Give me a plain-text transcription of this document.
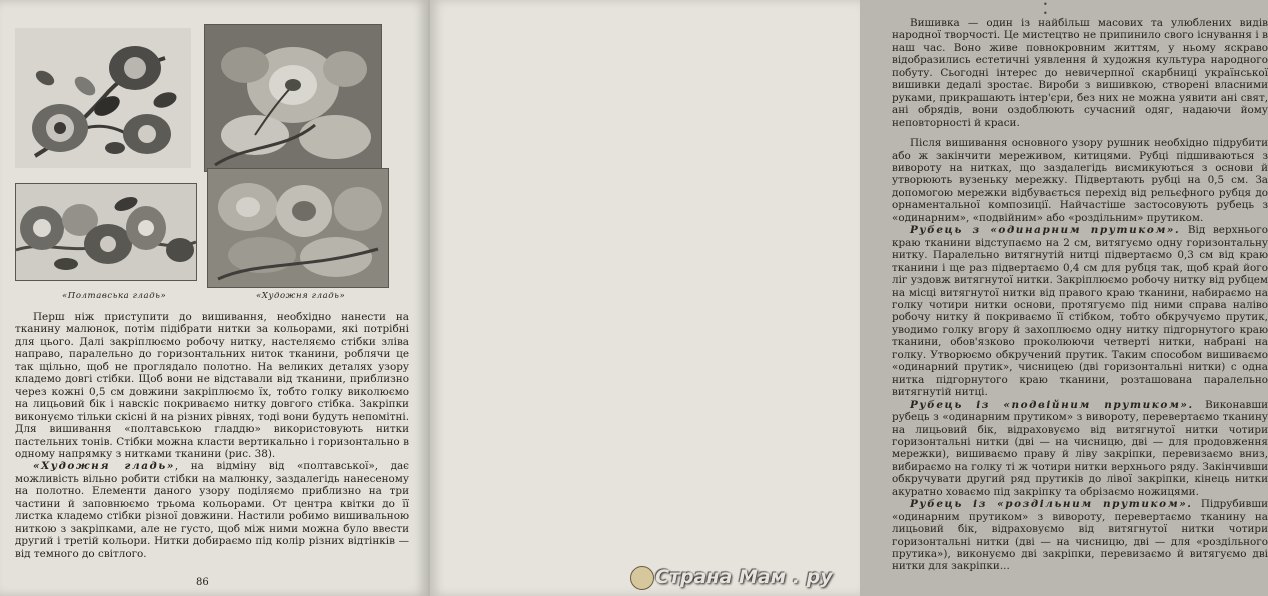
«Полтавська гладь»	«Художня гладь»

Перш ніж приступити до вишивання, необхідно нанести на тканину малюнок, потім підібрати нитки за кольорами, які потрібні для цього. Далі закріплюємо робочу нитку, настеляємо стібки зліва направо, паралельно до горизонтальних ниток тканини, роблячи це так щільно, щоб не проглядало полотно. На великих деталях узору кладемо довгі стібки. Щоб вони не відставали від тканини, приблизно через кожні 0,5 см довжини закріплюємо їх, тобто голку виколюємо на лицьовий бік і навскіс покриваємо нитку довгого стібка. Закріпки виконуємо тільки скісні й на різних рівнях, тоді вони будуть непомітні. Для вишивання «полтавською гладдю» використовують нитки пастельних тонів. Стібки можна класти вертикально і горизонтально в одному напрямку з нитками тканини (рис. 38).

«Художня гладь», на відміну від «полтавської», дає можливість вільно робити стібки на малюнку, заздалегідь нанесеному на полотно. Елементи даного узору поділяємо приблизно на три частини й заповнюємо трьома кольорами. От центра квітки до її листка кладемо стібки різної довжини. Настили робимо вишивальною ниткою з закріпками, але не густо, щоб між ними можна було ввести другий і третій кольори. Нитки добираємо під колір різних відтінків — від темного до світлого.

86
• •

Вишивка — один із найбільш масових та улюблених видів народної творчості. Це мистецтво не припинило свого існування і в наш час. Воно живе повнокровним життям, у ньому яскраво відобразились естетичні уявлення й художня культура народного побуту. Сьогодні інтерес до невичерпної скарбниці української вишивки дедалі зростає. Вироби з вишивкою, створені власними руками, прикрашають інтер'єри, без них не можна уявити ані свят, ані обрядів, вони оздоблюють сучасний одяг, надаючи йому неповторності й краси.

Після вишивання основного узору рушник необхідно підрубити або ж закінчити мереживом, китицями. Рубці підшиваються з вивороту на нитках, що заздалегідь висмикуються з основи й утворюють вузеньку мережку. Підвертають рубці на 0,5 см. За допомогою мережки відбувається перехід від рельєфного рубця до орнаментальної композиції. Найчастіше застосовують рубець з «одинарним», «подвійним» або «роздільним» прутиком.

Рубець з «одинарним прутиком». Від верхнього краю тканини відступаємо на 2 см, витягуємо одну горизонтальну нитку. Паралельно витягнутій нитці підвертаємо 0,3 см від краю тканини і ще раз підвертаємо 0,4 см для рубця так, щоб край його ліг уздовж витягнутої нитки. Закріплюємо робочу нитку від рубцем на місці витягнутої нитки від правого краю тканини, набираємо на голку чотири нитки основи, протягуємо під ними справа наліво робочу нитку й покриваємо її стібком, тобто обкручуємо прутик, уводимо голку вгору й захоплюємо одну нитку підгорнутого краю тканини, обов'язково проколюючи четверті нитки, набрані на голку. Утворюємо обкручений прутик. Таким способом вишиваємо «одинарний прутик», чисницею (дві горизонтальні нитки) с одна нитка підгорнутого краю тканини, розташована паралельно витягнутій нитці.

Рубець із «подвійним прутиком». Виконавши рубець з «одинарним прутиком» з вивороту, перевертаємо тканину на лицьовий бік, відраховуємо від витягнутої нитки чотири горизонтальні нитки (дві — на чисницю, дві — для продовження мережки), вишиваємо праву й ліву закріпки, перевизаємо вниз, вибираємо на голку ті ж чотири нитки верхнього ряду. Закінчивши обкручувати другий ряд прутиків до лівої закріпки, кінець нитки акуратно ховаємо під закріпку та обрізаємо ножицями.

Рубець із «роздільним прутиком». Підрубивши «одинарним прутиком» з вивороту, перевертаємо тканину на лицьовий бік, відраховуємо від витягнутої нитки чотири горизонтальні нитки (дві — на чисницю, дві — для «роздільного прутика»), виконуємо дві закріпки, перевизаємо й витягуємо дві нитки для закріпки...

Страна Мам . ру
